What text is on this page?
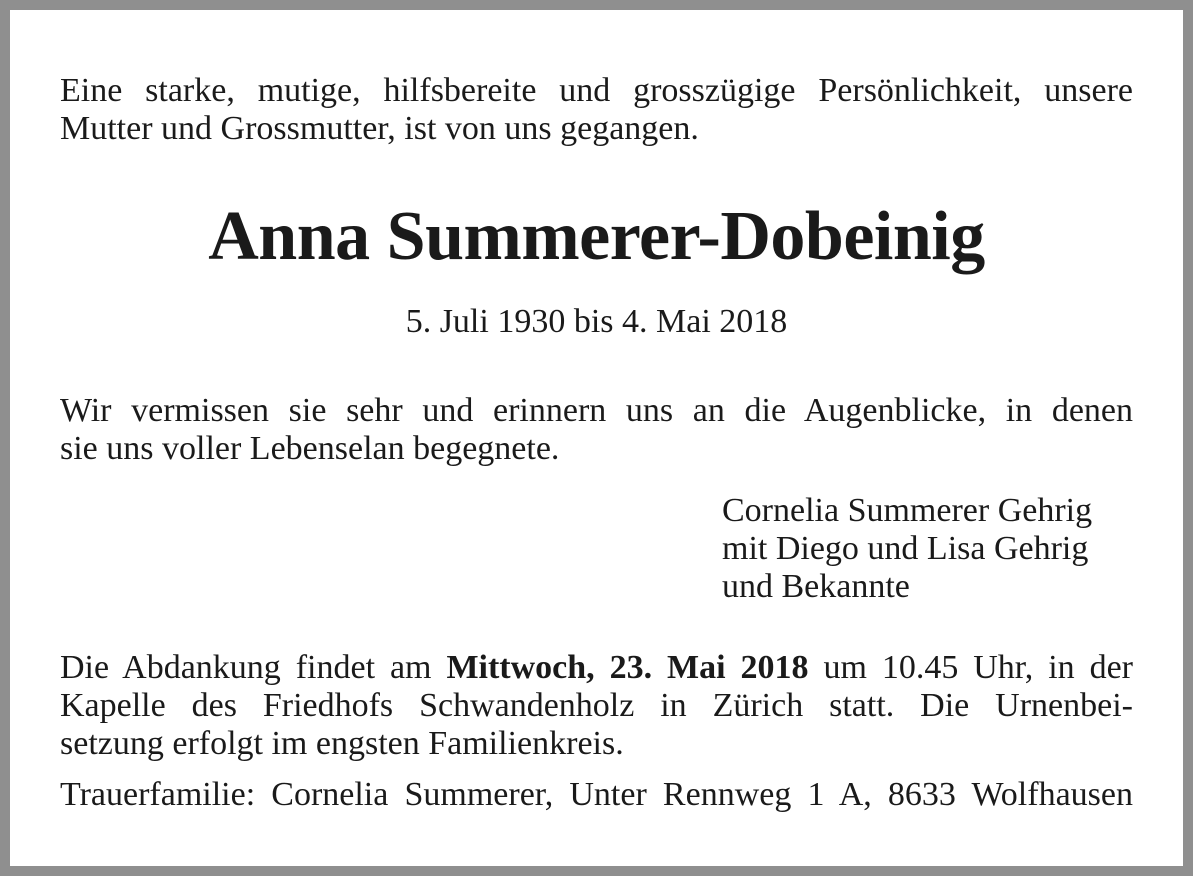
Eine starke, mutige, hilfsbereite und grosszügige Persönlichkeit, unsere
Mutter und Grossmutter, ist von uns gegangen.

Anna Summerer-Dobeinig

5. Juli 1930 bis 4. Mai 2018

Wir vermissen sie sehr und erinnern uns an die Augenblicke, in denen
sie uns voller Lebenselan begegnete.

Cornelia Summerer Gehrig
mit Diego und Lisa Gehrig
und Bekannte

Die Abdankung findet am Mittwoch, 23. Mai 2018 um 10.45 Uhr, in der
Kapelle des Friedhofs Schwandenholz in Zürich statt. Die Urnenbei-
setzung erfolgt im engsten Familienkreis.

Trauerfamilie: Cornelia Summerer, Unter Rennweg 1 A, 8633 Wolfhausen
